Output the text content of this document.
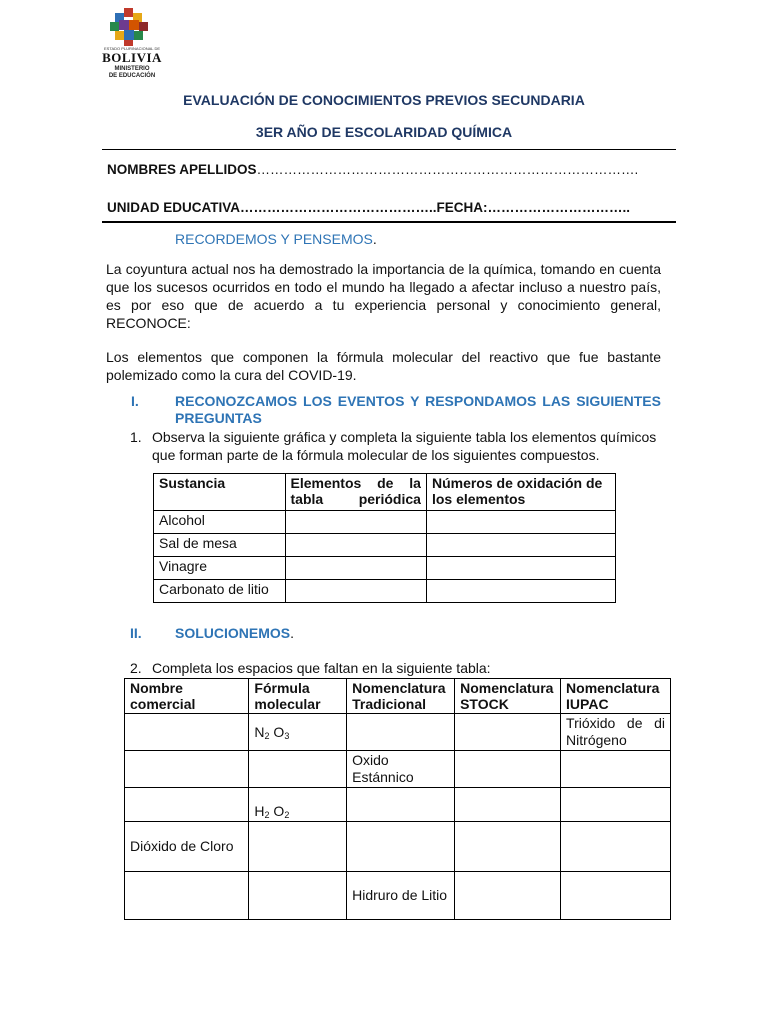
ESTADO PLURINACIONAL DE
BOLIVIA
MINISTERIO
DE EDUCACIÓN
EVALUACIÓN DE CONOCIMIENTOS PREVIOS SECUNDARIA
3ER AÑO DE ESCOLARIDAD QUÍMICA
NOMBRES APELLIDOS………………………………………………………………………….
UNIDAD EDUCATIVA……………………………………..FECHA:…………………………..
RECORDEMOS Y PENSEMOS.
La coyuntura actual nos ha demostrado la importancia de la química, tomando en cuenta
que los sucesos ocurridos en todo el mundo ha llegado a afectar incluso a nuestro país,
es por eso que de acuerdo a tu experiencia personal y conocimiento general,
RECONOCE:
Los elementos que componen la fórmula molecular del reactivo que fue bastante
polemizado como la cura del COVID-19.
I.	RECONOZCAMOS LOS EVENTOS Y RESPONDAMOS LAS SIGUIENTES
PREGUNTAS
1. Observa la siguiente gráfica y completa la siguiente tabla los elementos químicos
que forman parte de la fórmula molecular de los siguientes compuestos.
Sustancia	Elementos de la tabla periódica	Números de oxidación de los elementos
Alcohol		
Sal de mesa		
Vinagre		
Carbonato de litio		
II. SOLUCIONEMOS.
2. Completa los espacios que faltan en la siguiente tabla:
Nombre comercial	Fórmula molecular	Nomenclatura Tradicional	Nomenclatura STOCK	Nomenclatura IUPAC
	$N_2$ $O_3$			Trióxido de di Nitrógeno
		Oxido Estánnico		
	$H_2$ $O_2$			
Dióxido de Cloro				
		Hidruro de Litio		
